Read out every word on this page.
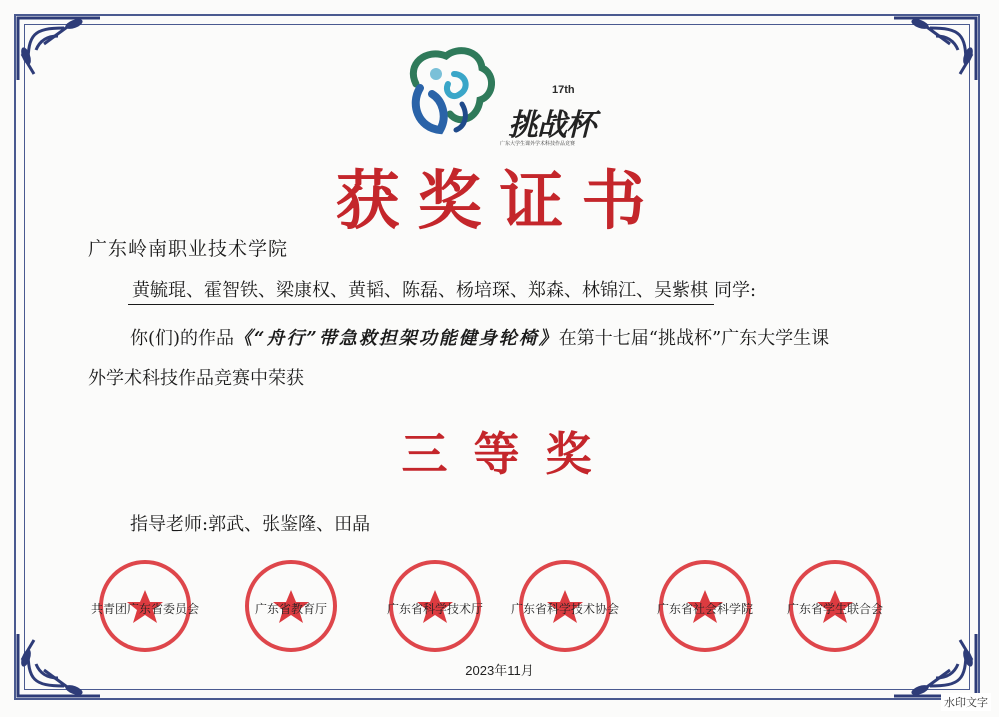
17th
挑战杯
广东大学生课外学术科技作品竞赛
获奖证书
广东岭南职业技术学院
黄毓琨、霍智铁、梁康权、黄韬、陈磊、杨培琛、郑森、林锦江、吴紫棋 同学:
你(们)的作品《“舟行”带急救担架功能健身轮椅》在第十七届“挑战杯”广东大学生课
外学术科技作品竞赛中荣获
三等奖
指导老师:郭武、张鉴隆、田晶
共青团广东省委员会	广东省教育厅	广东省科学技术厅	广东省科学技术协会	广东省社会科学院	广东省学生联合会
2023年11月
水印文字
